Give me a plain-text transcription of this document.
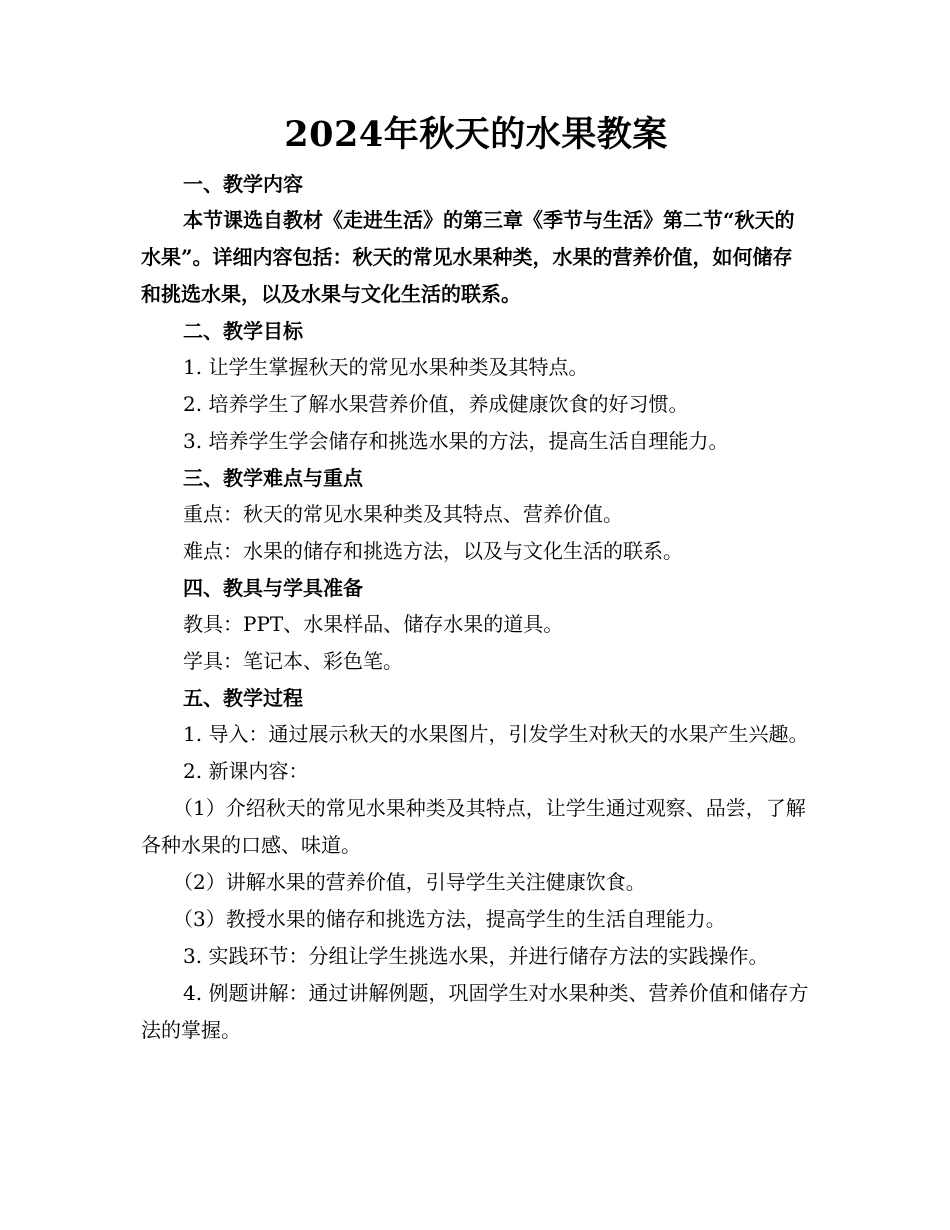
2024年秋天的水果教案

一、教学内容

本节课选自教材《走进生活》的第三章《季节与生活》第二节“秋天的水果”。详细内容包括：秋天的常见水果种类，水果的营养价值，如何储存和挑选水果，以及水果与文化生活的联系。

二、教学目标

1. 让学生掌握秋天的常见水果种类及其特点。

2. 培养学生了解水果营养价值，养成健康饮食的好习惯。

3. 培养学生学会储存和挑选水果的方法，提高生活自理能力。

三、教学难点与重点

重点：秋天的常见水果种类及其特点、营养价值。

难点：水果的储存和挑选方法，以及与文化生活的联系。

四、教具与学具准备

教具：PPT、水果样品、储存水果的道具。

学具：笔记本、彩色笔。

五、教学过程

1. 导入：通过展示秋天的水果图片，引发学生对秋天的水果产生兴趣。

2. 新课内容：

（1）介绍秋天的常见水果种类及其特点，让学生通过观察、品尝，了解各种水果的口感、味道。

（2）讲解水果的营养价值，引导学生关注健康饮食。

（3）教授水果的储存和挑选方法，提高学生的生活自理能力。

3. 实践环节：分组让学生挑选水果，并进行储存方法的实践操作。

4. 例题讲解：通过讲解例题，巩固学生对水果种类、营养价值和储存方法的掌握。
